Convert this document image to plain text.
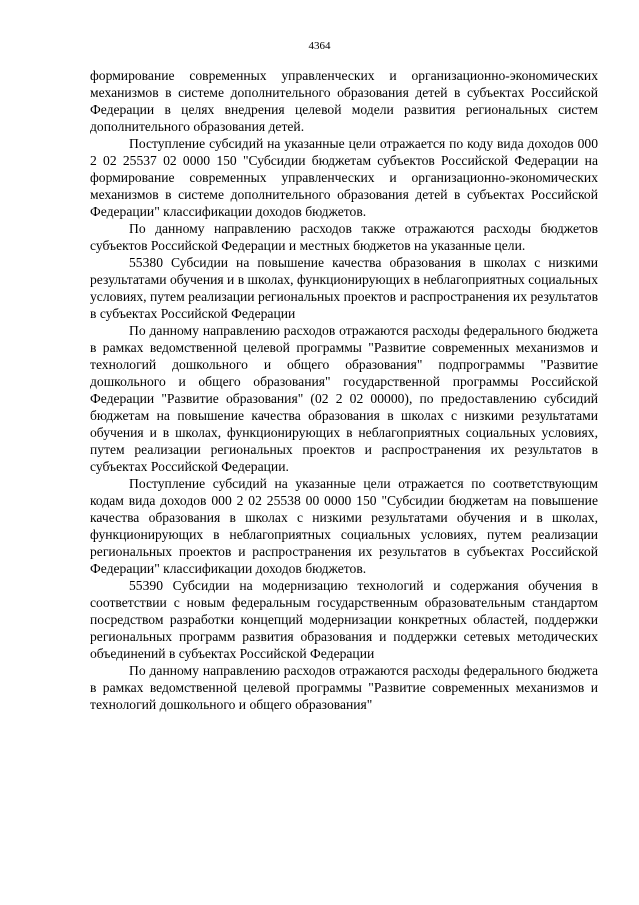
4364

формирование современных управленческих и организационно-экономических механизмов в системе дополнительного образования детей в субъектах Российской Федерации в целях внедрения целевой модели развития региональных систем дополнительного образования детей.

Поступление субсидий на указанные цели отражается по коду вида доходов 000 2 02 25537 02 0000 150 "Субсидии бюджетам субъектов Российской Федерации на формирование современных управленческих и организационно-экономических механизмов в системе дополнительного образования детей в субъектах Российской Федерации" классификации доходов бюджетов.

По данному направлению расходов также отражаются расходы бюджетов субъектов Российской Федерации и местных бюджетов на указанные цели.

55380 Субсидии на повышение качества образования в школах с низкими результатами обучения и в школах, функционирующих в неблагоприятных социальных условиях, путем реализации региональных проектов и распространения их результатов в субъектах Российской Федерации

По данному направлению расходов отражаются расходы федерального бюджета в рамках ведомственной целевой программы "Развитие современных механизмов и технологий дошкольного и общего образования" подпрограммы "Развитие дошкольного и общего образования" государственной программы Российской Федерации "Развитие образования" (02 2 02 00000), по предоставлению субсидий бюджетам на повышение качества образования в школах с низкими результатами обучения и в школах, функционирующих в неблагоприятных социальных условиях, путем реализации региональных проектов и распространения их результатов в субъектах Российской Федерации.

Поступление субсидий на указанные цели отражается по соответствующим кодам вида доходов 000 2 02 25538 00 0000 150 "Субсидии бюджетам на повышение качества образования в школах с низкими результатами обучения и в школах, функционирующих в неблагоприятных социальных условиях, путем реализации региональных проектов и распространения их результатов в субъектах Российской Федерации" классификации доходов бюджетов.

55390 Субсидии на модернизацию технологий и содержания обучения в соответствии с новым федеральным государственным образовательным стандартом посредством разработки концепций модернизации конкретных областей, поддержки региональных программ развития образования и поддержки сетевых методических объединений в субъектах Российской Федерации

По данному направлению расходов отражаются расходы федерального бюджета в рамках ведомственной целевой программы "Развитие современных механизмов и технологий дошкольного и общего образования"
